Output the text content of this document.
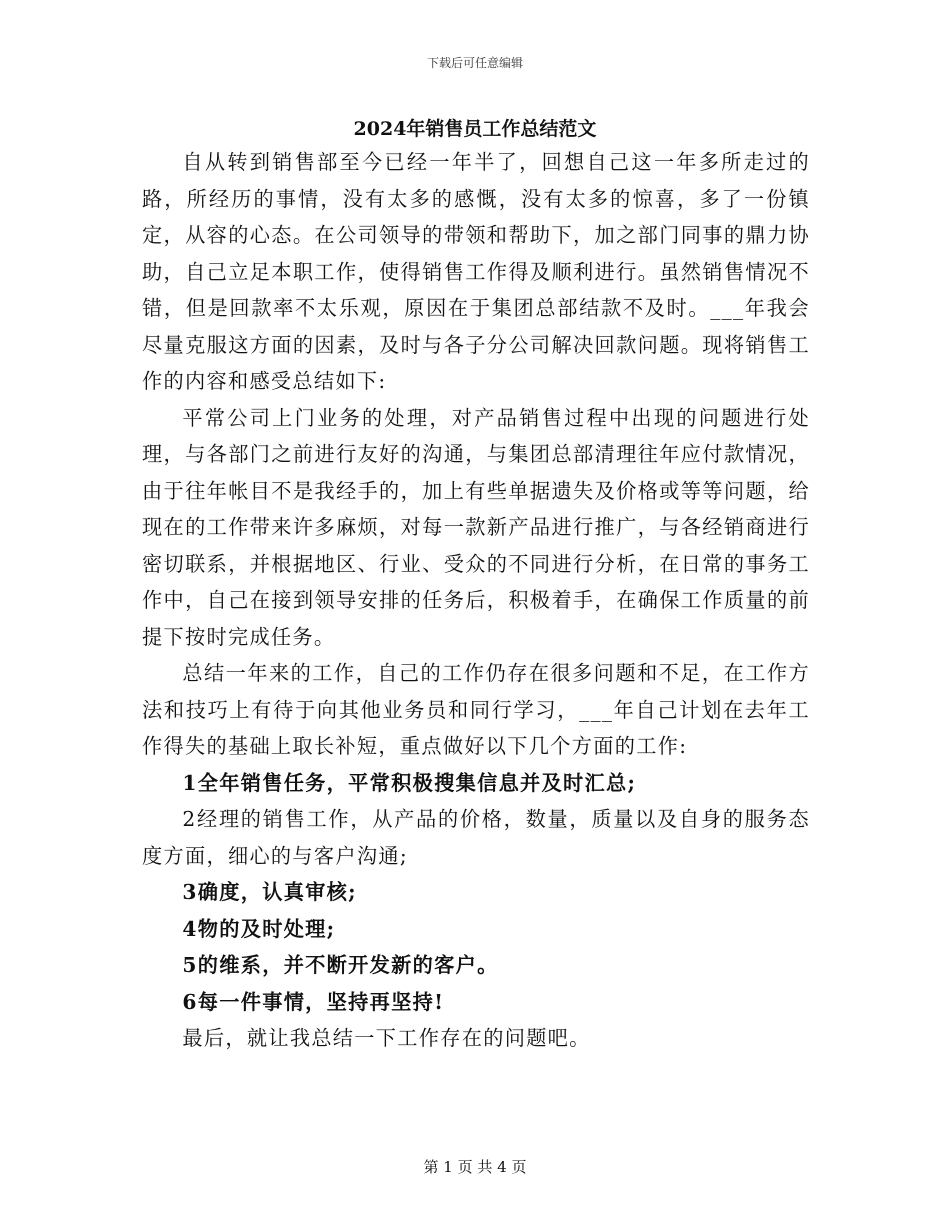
下载后可任意编辑
2024年销售员工作总结范文

自从转到销售部至今已经一年半了，回想自己这一年多所走过的路，所经历的事情，没有太多的感慨，没有太多的惊喜，多了一份镇定，从容的心态。在公司领导的带领和帮助下，加之部门同事的鼎力协助，自己立足本职工作，使得销售工作得及顺利进行。虽然销售情况不错，但是回款率不太乐观，原因在于集团总部结款不及时。___年我会尽量克服这方面的因素，及时与各子分公司解决回款问题。现将销售工作的内容和感受总结如下:

平常公司上门业务的处理，对产品销售过程中出现的问题进行处理，与各部门之前进行友好的沟通，与集团总部清理往年应付款情况，由于往年帐目不是我经手的，加上有些单据遗失及价格或等等问题，给现在的工作带来许多麻烦，对每一款新产品进行推广，与各经销商进行密切联系，并根据地区、行业、受众的不同进行分析，在日常的事务工作中，自己在接到领导安排的任务后，积极着手，在确保工作质量的前提下按时完成任务。

总结一年来的工作，自己的工作仍存在很多问题和不足，在工作方法和技巧上有待于向其他业务员和同行学习，___年自己计划在去年工作得失的基础上取长补短，重点做好以下几个方面的工作:

1全年销售任务，平常积极搜集信息并及时汇总;

2经理的销售工作，从产品的价格，数量，质量以及自身的服务态度方面，细心的与客户沟通;

3确度，认真审核;

4物的及时处理;

5的维系，并不断开发新的客户。

6每一件事情，坚持再坚持!

最后，就让我总结一下工作存在的问题吧。

第 1 页 共 4 页
